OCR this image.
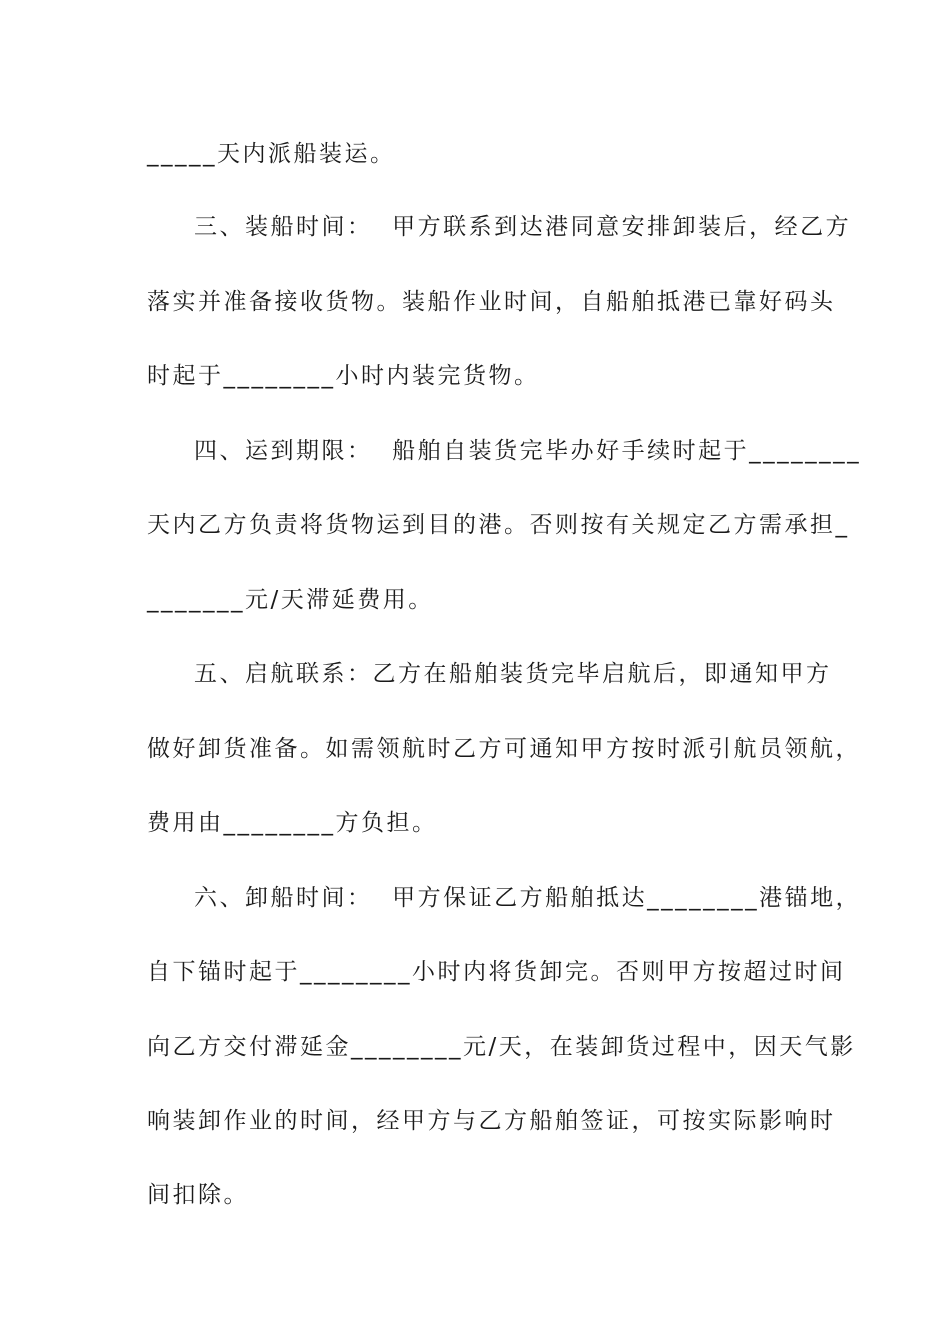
_____天内派船装运。
三、装船时间：  甲方联系到达港同意安排卸装后，经乙方
落实并准备接收货物。装船作业时间，自船舶抵港已靠好码头
时起于________小时内装完货物。
四、运到期限：  船舶自装货完毕办好手续时起于________
天内乙方负责将货物运到目的港。否则按有关规定乙方需承担_
_______元/天滞延费用。
五、启航联系：乙方在船舶装货完毕启航后，即通知甲方
做好卸货准备。如需领航时乙方可通知甲方按时派引航员领航，
费用由________方负担。
六、卸船时间：  甲方保证乙方船舶抵达________港锚地，
自下锚时起于________小时内将货卸完。否则甲方按超过时间
向乙方交付滞延金________元/天，在装卸货过程中，因天气影
响装卸作业的时间，经甲方与乙方船舶签证，可按实际影响时
间扣除。
